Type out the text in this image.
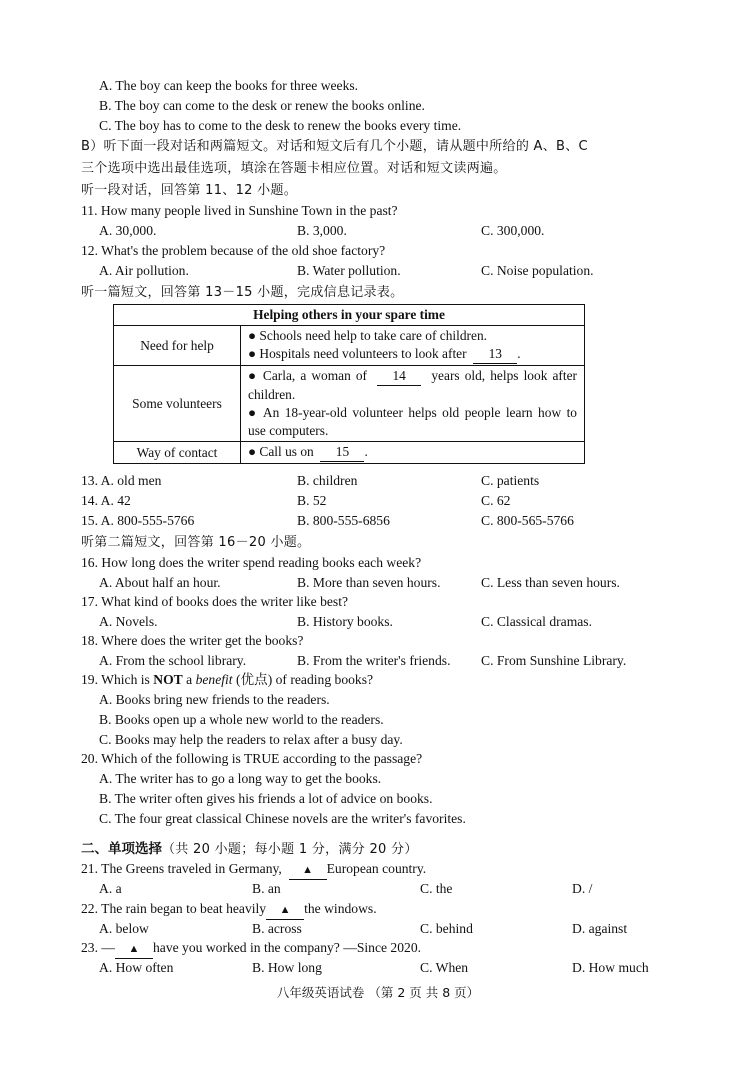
A. The boy can keep the books for three weeks.
B. The boy can come to the desk or renew the books online.
C. The boy has to come to the desk to renew the books every time.
B）听下面一段对话和两篇短文。对话和短文后有几个小题，请从题中所给的 A、B、C
三个选项中选出最佳选项，填涂在答题卡相应位置。对话和短文读两遍。
听一段对话，回答第 11、12 小题。
11. How many people lived in Sunshine Town in the past?
A. 30,000.	B. 3,000.	C. 300,000.
12. What's the problem because of the old shoe factory?
A. Air pollution.	B. Water pollution.	C. Noise population.
听一篇短文，回答第 13－15 小题，完成信息记录表。
Helping others in your spare time	
Need for help	● Schools need help to take care of children.
● Hospitals need volunteers to look after 13 .

Some volunteers	● Carla, a woman of 14 years old, helps look after children.
● An 18-year-old volunteer helps old people learn how to use computers.

Way of contact	● Call us on 15 .
13. A. old men	B. children	C. patients
14. A. 42	B. 52	C. 62
15. A. 800-555-5766	B. 800-555-6856	C. 800-565-5766
听第二篇短文，回答第 16－20 小题。
16. How long does the writer spend reading books each week?
A. About half an hour.	B. More than seven hours.	C. Less than seven hours.
17. What kind of books does the writer like best?
A. Novels.	B. History books.	C. Classical dramas.
18. Where does the writer get the books?
A. From the school library.	B. From the writer's friends. C. From Sunshine Library.
19. Which is NOT a benefit (优点) of reading books?
A. Books bring new friends to the readers.
B. Books open up a whole new world to the readers.
C. Books may help the readers to relax after a busy day.
20. Which of the following is TRUE according to the passage?
A. The writer has to go a long way to get the books.
B. The writer often gives his friends a lot of advice on books.
C. The four great classical Chinese novels are the writer's favorites.
二、单项选择（共 20 小题；每小题 1 分，满分 20 分）
21. The Greens traveled in Germany, ▲ European country.
A. a	B. an	C. the	D. /
22. The rain began to beat heavily ▲ the windows.
A. below	B. across	C. behind	D. against
23. — ▲ have you worked in the company? —Since 2020.
A. How often	B. How long	C. When	D. How much
八年级英语试卷 （第 2 页 共 8 页）
